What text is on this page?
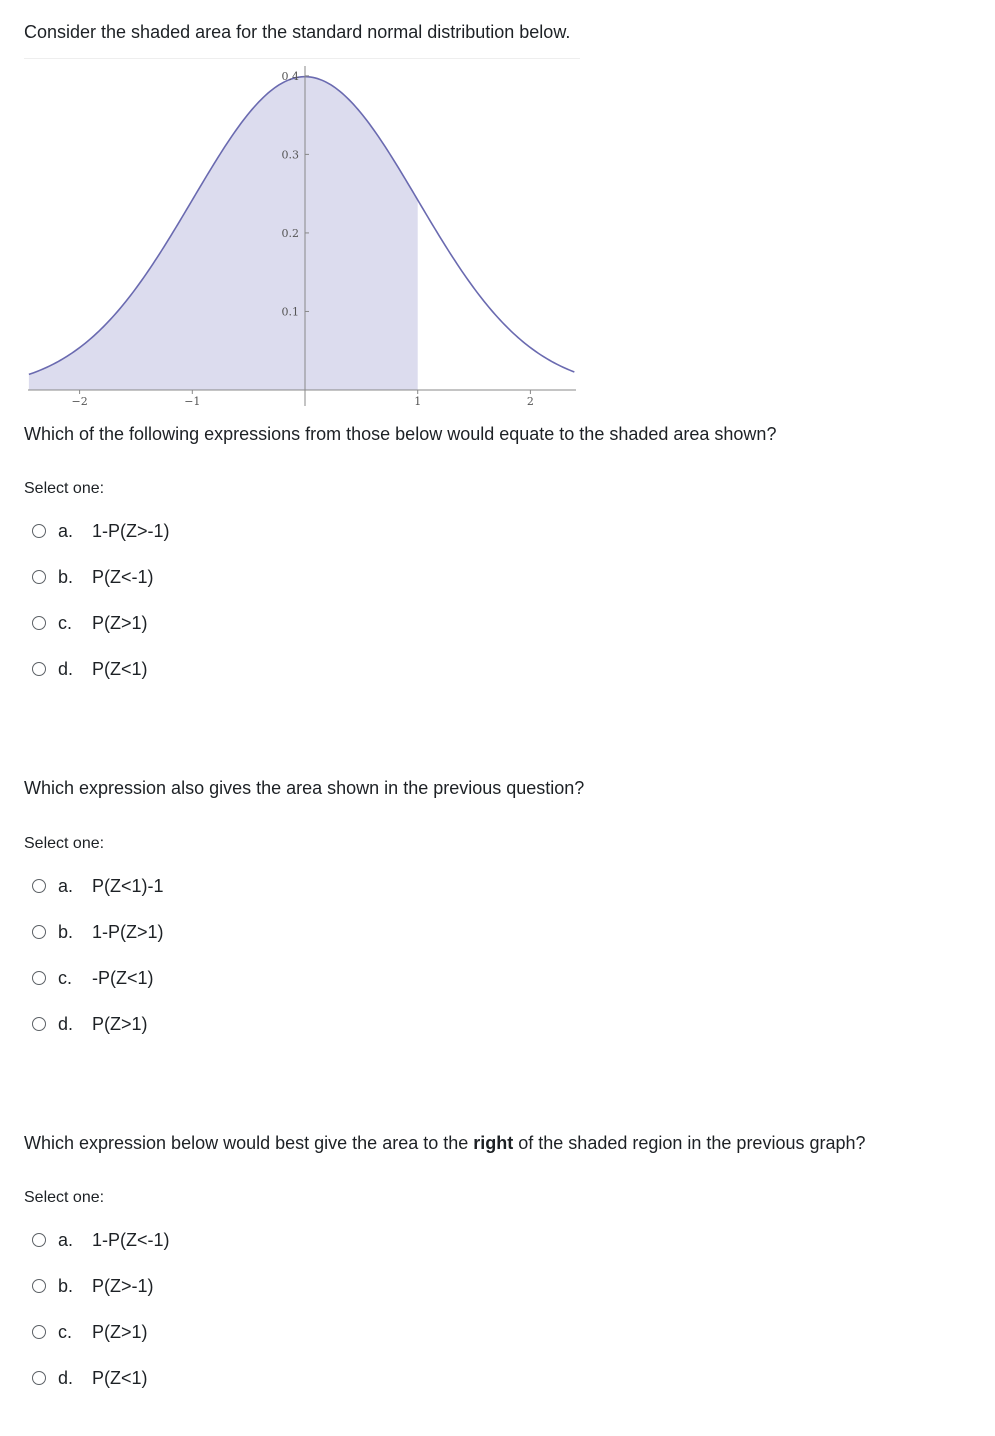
Consider the shaded area for the standard normal distribution below.
−2	−1	1	2
0.1
0.2
0.3
0.4

Which of the following expressions from those below would equate to the shaded area shown?

Select one:
a.	1-P(Z>-1)
b.	P(Z<-1)
c.	P(Z>1)
d.	P(Z<1)

Which expression also gives the area shown in the previous question?

Select one:
a.	P(Z<1)-1
b.	1-P(Z>1)
c.	-P(Z<1)
d.	P(Z>1)

Which expression below would best give the area to the right of the shaded region in the previous graph?

Select one:
a.	1-P(Z<-1)
b.	P(Z>-1)
c.	P(Z>1)
d.	P(Z<1)
